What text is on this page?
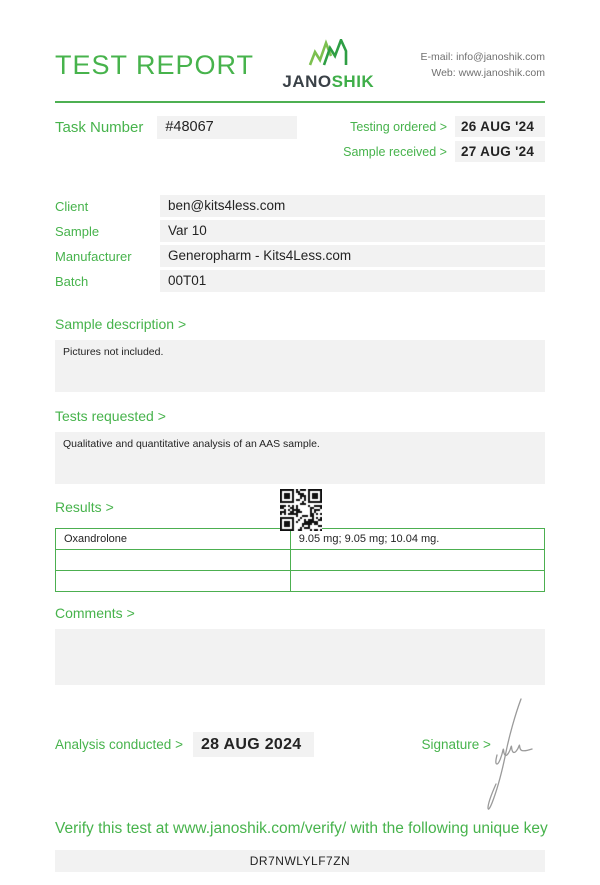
TEST REPORT
JANOSHIK
E-mail: info@janoshik.com
Web: www.janoshik.com
Task Number	#48067	Testing ordered >	26 AUG '24
Sample received >	27 AUG '24
Client	ben@kits4less.com
Sample	Var 10
Manufacturer	Generopharm - Kits4Less.com
Batch	00T01
Sample description >
Pictures not included.
Tests requested >
Qualitative and quantitative analysis of an AAS sample.
Results >
Oxandrolone	9.05 mg; 9.05 mg; 10.04 mg.

Comments >
Analysis conducted >	28 AUG 2024	Signature >
Verify this test at www.janoshik.com/verify/ with the following unique key
DR7NWLYLF7ZN
